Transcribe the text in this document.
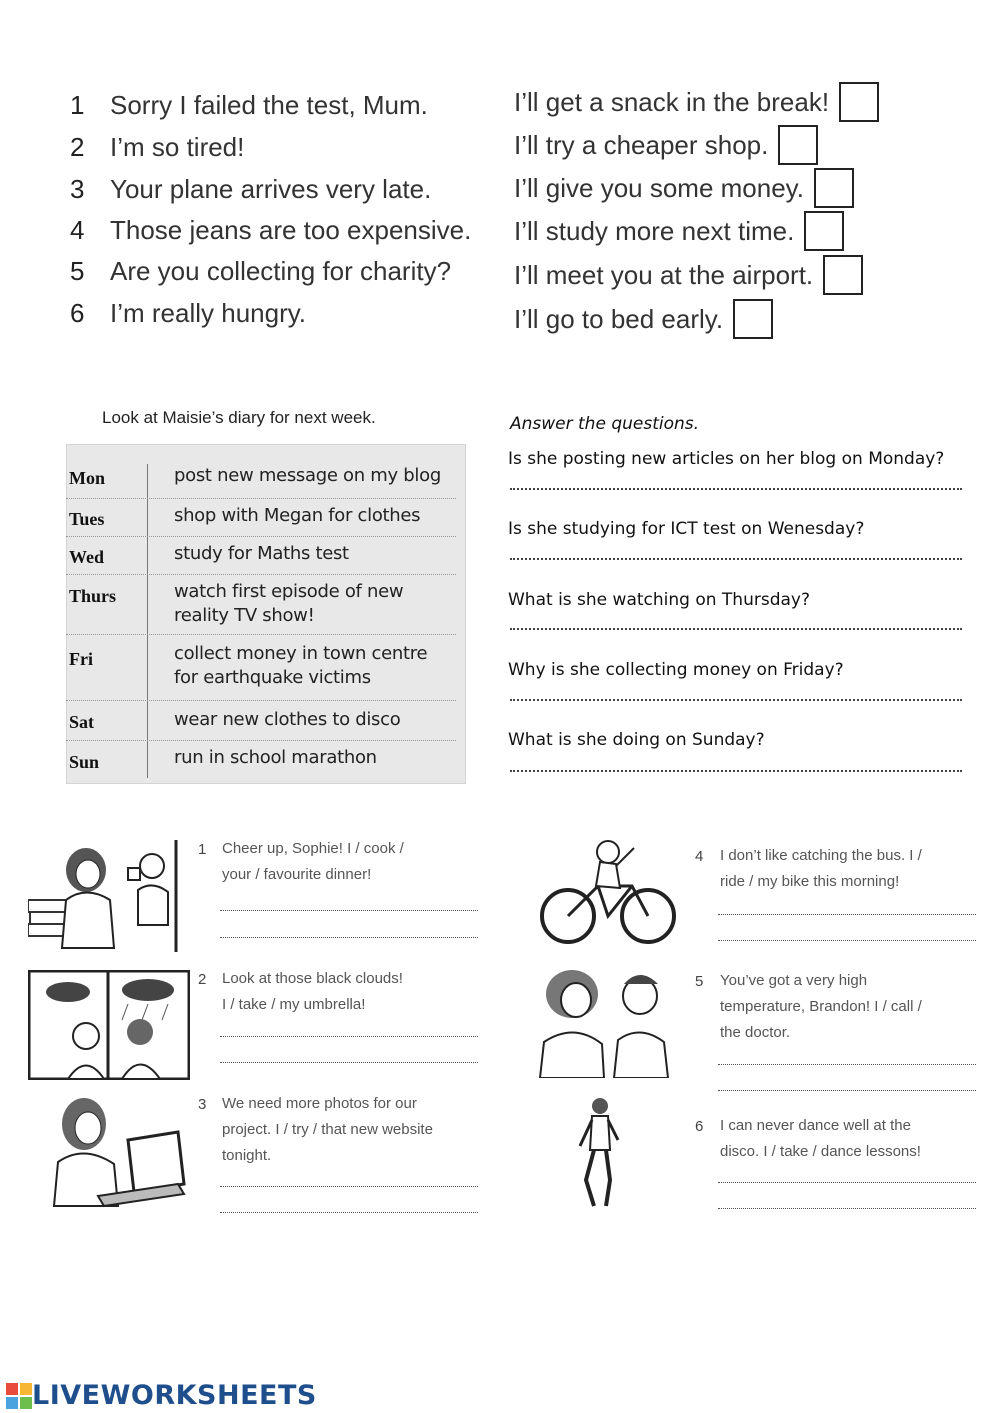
1 Sorry I failed the test, Mum.
2 I’m so tired!
3 Your plane arrives very late.
4 Those jeans are too expensive.
5 Are you collecting for charity?
6 I’m really hungry.
I’ll get a snack in the break!
I’ll try a cheaper shop.
I’ll give you some money.
I’ll study more next time.
I’ll meet you at the airport.
I’ll go to bed early.
Look at Maisie’s diary for next week.
Mon	post new message on my blog
Tues	shop with Megan for clothes
Wed	study for Maths test
Thurs	watch first episode of new reality TV show!
Fri	collect money in town centre for earthquake victims
Sat	wear new clothes to disco
Sun	run in school marathon
Answer the questions.
Is she posting new articles on her blog on Monday?
Is she studying for ICT test on Wenesday?
What is she watching on Thursday?
Why is she collecting money on Friday?
What is she doing on Sunday?
1 Cheer up, Sophie! I / cook /
your / favourite dinner!
2 Look at those black clouds!
I / take / my umbrella!
3 We need more photos for our
project. I / try / that new website
tonight.
4 I don’t like catching the bus. I /
ride / my bike this morning!
5 You’ve got a very high
temperature, Brandon! I / call /
the doctor.
6 I can never dance well at the
disco. I / take / dance lessons!
LIVEWORKSHEETS
